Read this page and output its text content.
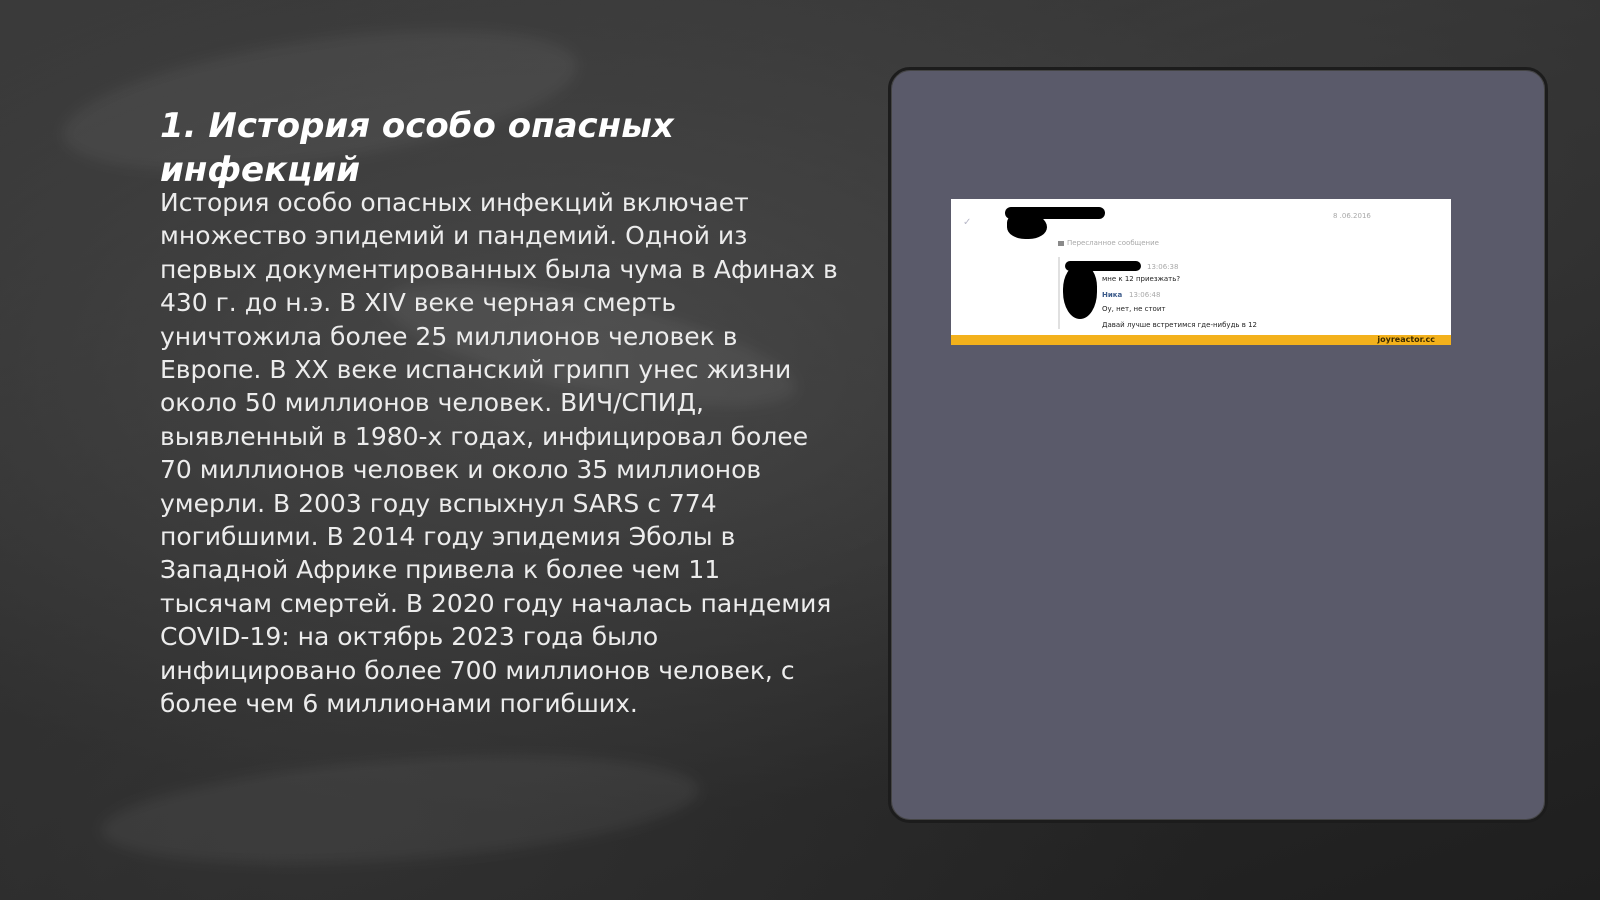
1. История особо опасных инфекций

История особо опасных инфекций включает множество эпидемий и пандемий. Одной из первых документированных была чума в Афинах в 430 г. до н.э. В XIV веке черная смерть уничтожила более 25 миллионов человек в Европе. В XX веке испанский грипп унес жизни около 50 миллионов человек. ВИЧ/СПИД, выявленный в 1980-х годах, инфицировал более 70 миллионов человек и около 35 миллионов умерли. В 2003 году вспыхнул SARS с 774 погибшими. В 2014 году эпидемия Эболы в Западной Африке привела к более чем 11 тысячам смертей. В 2020 году началась пандемия COVID-19: на октябрь 2023 года было инфицировано более 700 миллионов человек, с более чем 6 миллионами погибших.

✓
8 .06.2016
Пересланное сообщение
13:06:38
мне к 12 приезжать?
Ника 13:06:48
Оу, нет, не стоит
Давай лучше встретимся где-нибудь в 12
joyreactor.cc
